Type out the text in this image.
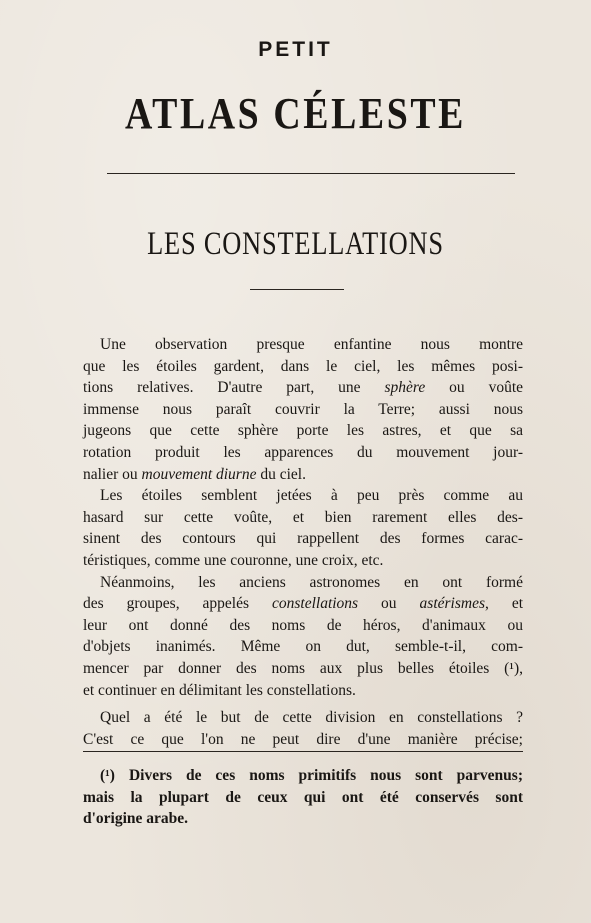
PETIT
ATLAS CÉLESTE
LES CONSTELLATIONS
Une observation presque enfantine nous montre
que les étoiles gardent, dans le ciel, les mêmes posi-
tions relatives. D'autre part, une sphère ou voûte
immense nous paraît couvrir la Terre; aussi nous
jugeons que cette sphère porte les astres, et que sa
rotation produit les apparences du mouvement jour-
nalier ou mouvement diurne du ciel.
Les étoiles semblent jetées à peu près comme au
hasard sur cette voûte, et bien rarement elles des-
sinent des contours qui rappellent des formes carac-
téristiques, comme une couronne, une croix, etc.
Néanmoins, les anciens astronomes en ont formé
des groupes, appelés constellations ou astérismes, et
leur ont donné des noms de héros, d'animaux ou
d'objets inanimés. Même on dut, semble-t-il, com-
mencer par donner des noms aux plus belles étoiles (¹),
et continuer en délimitant les constellations.
Quel a été le but de cette division en constellations ?
C'est ce que l'on ne peut dire d'une manière précise;
(¹) Divers de ces noms primitifs nous sont parvenus;
mais la plupart de ceux qui ont été conservés sont
d'origine arabe.
